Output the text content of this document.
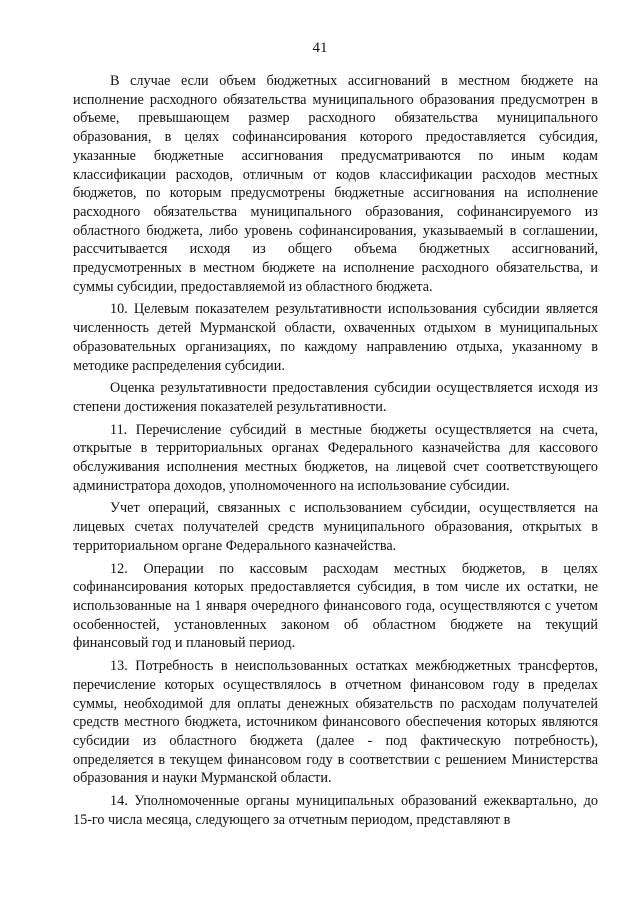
41

В случае если объем бюджетных ассигнований в местном бюджете на исполнение расходного обязательства муниципального образования предусмотрен в объеме, превышающем размер расходного обязательства муниципального образования, в целях софинансирования которого предоставляется субсидия, указанные бюджетные ассигнования предусматриваются по иным кодам классификации расходов, отличным от кодов классификации расходов местных бюджетов, по которым предусмотрены бюджетные ассигнования на исполнение расходного обязательства муниципального образования, софинансируемого из областного бюджета, либо уровень софинансирования, указываемый в соглашении, рассчитывается исходя из общего объема бюджетных ассигнований, предусмотренных в местном бюджете на исполнение расходного обязательства, и суммы субсидии, предоставляемой из областного бюджета.

10. Целевым показателем результативности использования субсидии является численность детей Мурманской области, охваченных отдыхом в муниципальных образовательных организациях, по каждому направлению отдыха, указанному в методике распределения субсидии.

Оценка результативности предоставления субсидии осуществляется исходя из степени достижения показателей результативности.

11. Перечисление субсидий в местные бюджеты осуществляется на счета, открытые в территориальных органах Федерального казначейства для кассового обслуживания исполнения местных бюджетов, на лицевой счет соответствующего администратора доходов, уполномоченного на использование субсидии.

Учет операций, связанных с использованием субсидии, осуществляется на лицевых счетах получателей средств муниципального образования, открытых в территориальном органе Федерального казначейства.

12. Операции по кассовым расходам местных бюджетов, в целях софинансирования которых предоставляется субсидия, в том числе их остатки, не использованные на 1 января очередного финансового года, осуществляются с учетом особенностей, установленных законом об областном бюджете на текущий финансовый год и плановый период.

13. Потребность в неиспользованных остатках межбюджетных трансфертов, перечисление которых осуществлялось в отчетном финансовом году в пределах суммы, необходимой для оплаты денежных обязательств по расходам получателей средств местного бюджета, источником финансового обеспечения которых являются субсидии из областного бюджета (далее - под фактическую потребность), определяется в текущем финансовом году в соответствии с решением Министерства образования и науки Мурманской области.

14. Уполномоченные органы муниципальных образований ежеквартально, до 15-го числа месяца, следующего за отчетным периодом, представляют в
